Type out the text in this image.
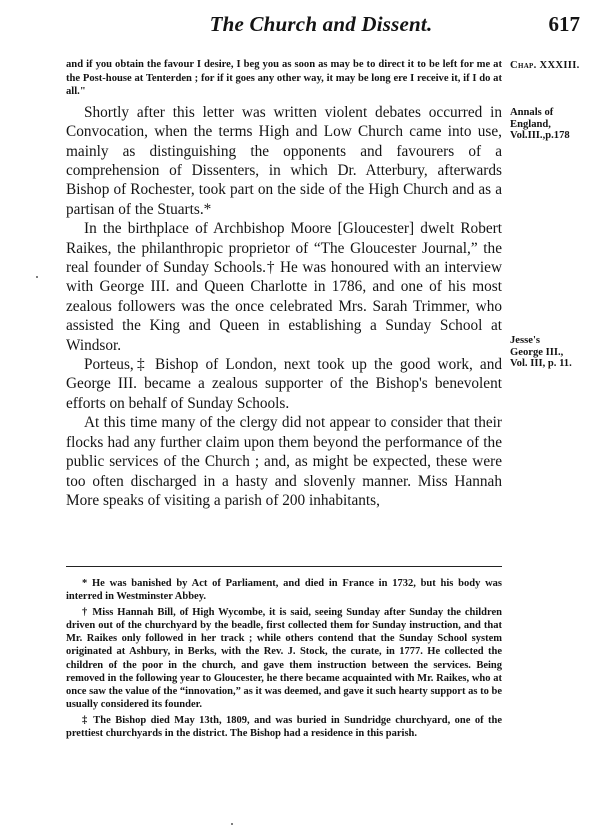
The Church and Dissent.	617

and if you obtain the favour I desire, I beg you as soon as may be to direct it to be left for me at the Post-house at Tenterden ; for if it goes any other way, it may be long ere I receive it, if I do at all."

Shortly after this letter was written violent debates occurred in Convocation, when the terms High and Low Church came into use, mainly as distinguishing the opponents and favourers of a comprehension of Dissenters, in which Dr. Atterbury, afterwards Bishop of Rochester, took part on the side of the High Church and as a partisan of the Stuarts.*

In the birthplace of Archbishop Moore [Gloucester] dwelt Robert Raikes, the philanthropic proprietor of “The Gloucester Journal,” the real founder of Sunday Schools.† He was honoured with an interview with George III. and Queen Charlotte in 1786, and one of his most zealous followers was the once celebrated Mrs. Sarah Trimmer, who assisted the King and Queen in establishing a Sunday School at Windsor.

Porteus,‡ Bishop of London, next took up the good work, and George III. became a zealous supporter of the Bishop's benevolent efforts on behalf of Sunday Schools.

At this time many of the clergy did not appear to consider that their flocks had any further claim upon them beyond the performance of the public services of the Church ; and, as might be expected, these were too often discharged in a hasty and slovenly manner. Miss Hannah More speaks of visiting a parish of 200 inhabitants,

Chap. XXXIII.
Annals of
England,
Vol.III.,p.178
Jesse's
George III.,
Vol. III, p. 11.

* He was banished by Act of Parliament, and died in France in 1732, but his body was interred in Westminster Abbey.

† Miss Hannah Bill, of High Wycombe, it is said, seeing Sunday after Sunday the children driven out of the churchyard by the beadle, first collected them for Sunday instruction, and that Mr. Raikes only followed in her track ; while others contend that the Sunday School system originated at Ashbury, in Berks, with the Rev. J. Stock, the curate, in 1777. He collected the children of the poor in the church, and gave them instruction between the services. Being removed in the following year to Gloucester, he there became acquainted with Mr. Raikes, who at once saw the value of the “innovation,” as it was deemed, and gave it such hearty support as to be usually considered its founder.

‡ The Bishop died May 13th, 1809, and was buried in Sundridge churchyard, one of the prettiest churchyards in the district. The Bishop had a residence in this parish.
